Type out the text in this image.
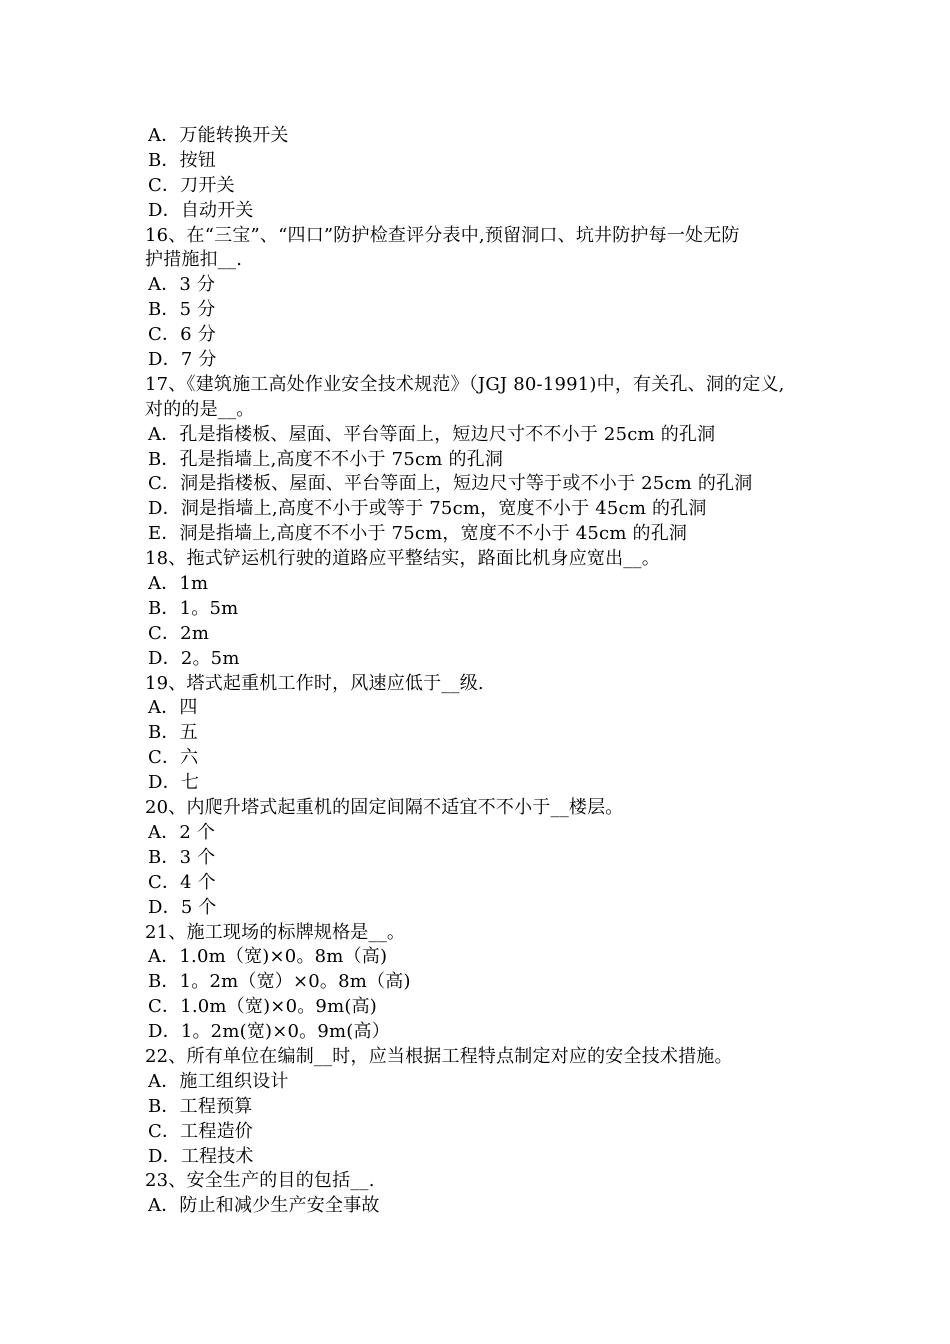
A．万能转换开关
B．按钮
C．刀开关
D．自动开关
16、在“三宝”、“四口”防护检查评分表中,预留洞口、坑井防护每一处无防
护措施扣__.
A．3 分
B．5 分
C．6 分
D．7 分
17、《建筑施工高处作业安全技术规范》（JGJ 80-1991)中，有关孔、洞的定义,
对的的是__。
A．孔是指楼板、屋面、平台等面上，短边尺寸不不小于 25cm 的孔洞
B．孔是指墙上,高度不不小于 75cm 的孔洞
C．洞是指楼板、屋面、平台等面上，短边尺寸等于或不小于 25cm 的孔洞
D．洞是指墙上,高度不小于或等于 75cm，宽度不小于 45cm 的孔洞
E．洞是指墙上,高度不不小于 75cm，宽度不不小于 45cm 的孔洞
18、拖式铲运机行驶的道路应平整结实，路面比机身应宽出__。
A．1m
B．1。5m
C．2m
D．2。5m
19、塔式起重机工作时，风速应低于__级.
A．四
B．五
C．六
D．七
20、内爬升塔式起重机的固定间隔不适宜不不小于__楼层。
A．2 个
B．3 个
C．4 个
D．5 个
21、施工现场的标牌规格是__。
A．1.0m（宽)×0。8m（高)
B．1。2m（宽）×0。8m（高)
C．1.0m（宽)×0。9m(高)
D．1。2m(宽)×0。9m(高）
22、所有单位在编制__时，应当根据工程特点制定对应的安全技术措施。
A．施工组织设计
B．工程预算
C．工程造价
D．工程技术
23、安全生产的目的包括__.
A．防止和减少生产安全事故
